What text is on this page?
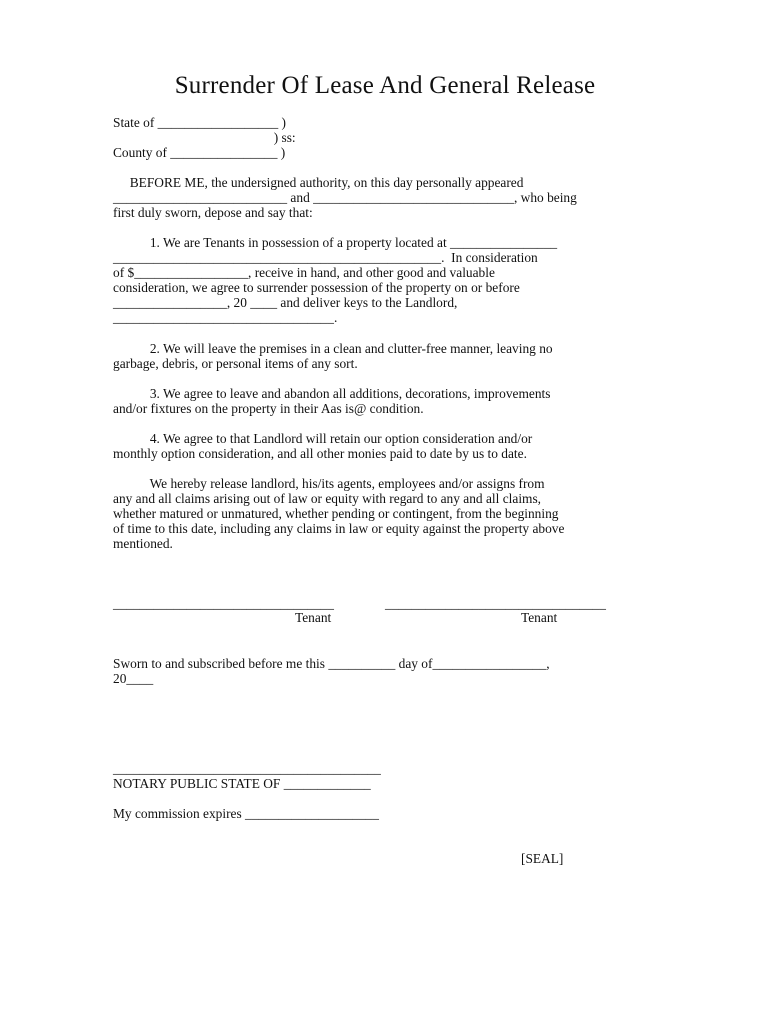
Surrender Of Lease And General Release
State of __________________ )
) ss:
County of ________________ )
BEFORE ME, the undersigned authority, on this day personally appeared
__________________________ and ______________________________, who being
first duly sworn, depose and say that:
1. We are Tenants in possession of a property located at ________________
_________________________________________________.  In consideration
of $_________________, receive in hand, and other good and valuable
consideration, we agree to surrender possession of the property on or before
_________________, 20 ____ and deliver keys to the Landlord,
_________________________________.
2. We will leave the premises in a clean and clutter-free manner, leaving no
garbage, debris, or personal items of any sort.
3. We agree to leave and abandon all additions, decorations, improvements
and/or fixtures on the property in their Aas is@ condition.
4. We agree to that Landlord will retain our option consideration and/or
monthly option consideration, and all other monies paid to date by us to date.
We hereby release landlord, his/its agents, employees and/or assigns from
any and all claims arising out of law or equity with regard to any and all claims,
whether matured or unmatured, whether pending or contingent, from the beginning
of time to this date, including any claims in law or equity against the property above
mentioned.
_________________________________	_________________________________
Tenant	Tenant
Sworn to and subscribed before me this __________ day of_________________,
20____
________________________________________
NOTARY PUBLIC STATE OF _____________
My commission expires ____________________
[SEAL]
